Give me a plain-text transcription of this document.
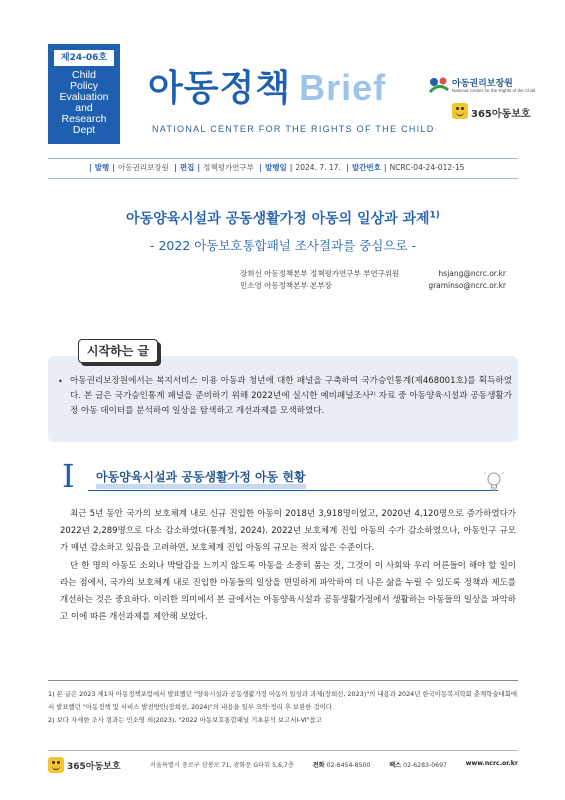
제24-06호
Child
Policy
Evaluation
and
Research
Dept
아동정책 Brief
NATIONAL CENTER FOR THE RIGHTS OF THE CHILD
아동권리보장원
National Center for the Rights of the Child
365아동보호
| 발행 | 아동권리보장원 | 편집 | 정책평가연구부 | 발행일 | 2024. 7. 17. | 발간번호 | NCRC-04-24-012-15
아동양육시설과 공동생활가정 아동의 일상과 과제$^{1)}$
- 2022 아동보호통합패널 조사결과를 중심으로 -
장희선 아동정책본부 정책평가연구부 부연구위원	hsjang@ncrc.or.kr
민소영 아동정책본부 본부장	graminso@ncrc.or.kr
시작하는 글
• 아동권리보장원에서는 복지서비스 이용 아동과 청년에 대한 패널을 구축하여 국가승인통계(제468001호)를 획득하였다. 본 글은 국가승인통계 패널을 준비하기 위해 2022년에 실시한 예비패널조사²⁾ 자료 중 아동양육시설과 공동생활가정 아동 데이터를 분석하여 일상을 탐색하고 개선과제를 모색하였다.

I 아동양육시설과 공동생활가정 아동 현황

최근 5년 동안 국가의 보호체계 내로 신규 진입한 아동이 2018년 3,918명이었고, 2020년 4,120명으로 증가하였다가 2022년 2,289명으로 다소 감소하였다(통계청, 2024). 2022년 보호체계 진입 아동의 수가 감소하였으나, 아동인구 규모가 매년 감소하고 있음을 고려하면, 보호체계 진입 아동의 규모는 적지 않은 수준이다.

단 한 명의 아동도 소외나 박탈감을 느끼지 않도록 아동을 소중히 품는 것, 그것이 이 사회와 우리 어른들이 해야 할 일이라는 점에서, 국가의 보호체계 내로 진입한 아동들의 일상을 면밀하게 파악하여 더 나은 삶을 누릴 수 있도록 정책과 제도를 개선하는 것은 중요하다. 이러한 의미에서 본 글에서는 아동양육시설과 공동생활가정에서 생활하는 아동들의 일상을 파악하고 이에 따른 개선과제를 제안해 보았다.

1) 본 글은 2023 제1차 아동정책포럼에서 발표했던 "양육시설과 공동생활가정 아동의 일상과 과제(장희선, 2023)"의 내용과 2024년 한국아동복지학회 춘계학술대회에서 발표했던 "아동정책 및 서비스 발전방안(장희선, 2024)"의 내용을 일부 요약·정리 후 보완한 것이다.

2) 보다 자세한 조사 결과는 민소영 외(2023), "2022 아동보호통합패널 기초분석 보고서Ⅰ-Ⅵ"참고

365아동보호	서울특별시 중로구 삼봉로 71, 광화문 G타워 5,6,7층	전화 02-6454-8500	팩스 02-6283-0697	www.ncrc.or.kr
